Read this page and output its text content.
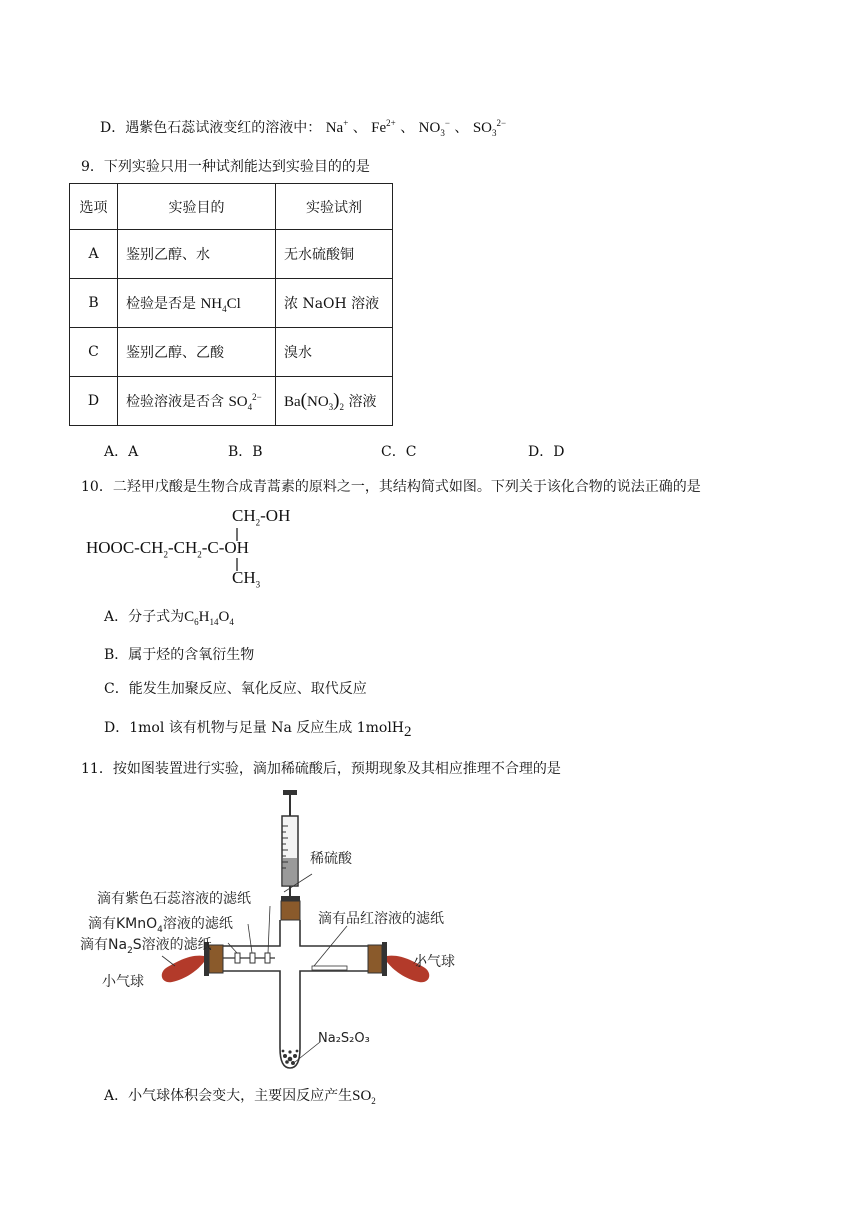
D．遇紫色石蕊试液变红的溶液中： Na+ 、 $Fe^{2+}$ 、 $NO_3^-$ 、 $SO_3^{2-}$
9．下列实验只用一种试剂能达到实验目的的是
选项	实验目的	实验试剂
A	鉴别乙醇、水	无水硫酸铜
B	检验是否是 $NH_4Cl$	浓 NaOH 溶液
C	鉴别乙醇、乙酸	溴水
D	检验溶液是否含 $SO_4^{2-}$	$Ba(NO_3)_2$ 溶液
A．A	B．B	C．C	D．D
10．二羟甲戊酸是生物合成青蒿素的原料之一，其结构简式如图。下列关于该化合物的说法正确的是
$CH_2-OH$
HOOC-$CH_2-CH_2-C-OH$
$CH_3$
A．分子式为$C_6H_{14}O_4$
B．属于烃的含氧衍生物
C．能发生加聚反应、氧化反应、取代反应
D．1mol 该有机物与足量 Na 反应生成 1molH$_2$
11．按如图装置进行实验，滴加稀硫酸后，预期现象及其相应推理不合理的是
稀硫酸
滴有紫色石蕊溶液的滤纸
滴有KMnO$_4$溶液的滤纸
滴有$Na_2S$溶液的滤纸
滴有品红溶液的滤纸
小气球
小气球
Na₂S₂O₃
A．小气球体积会变大，主要因反应产生$SO_2$
